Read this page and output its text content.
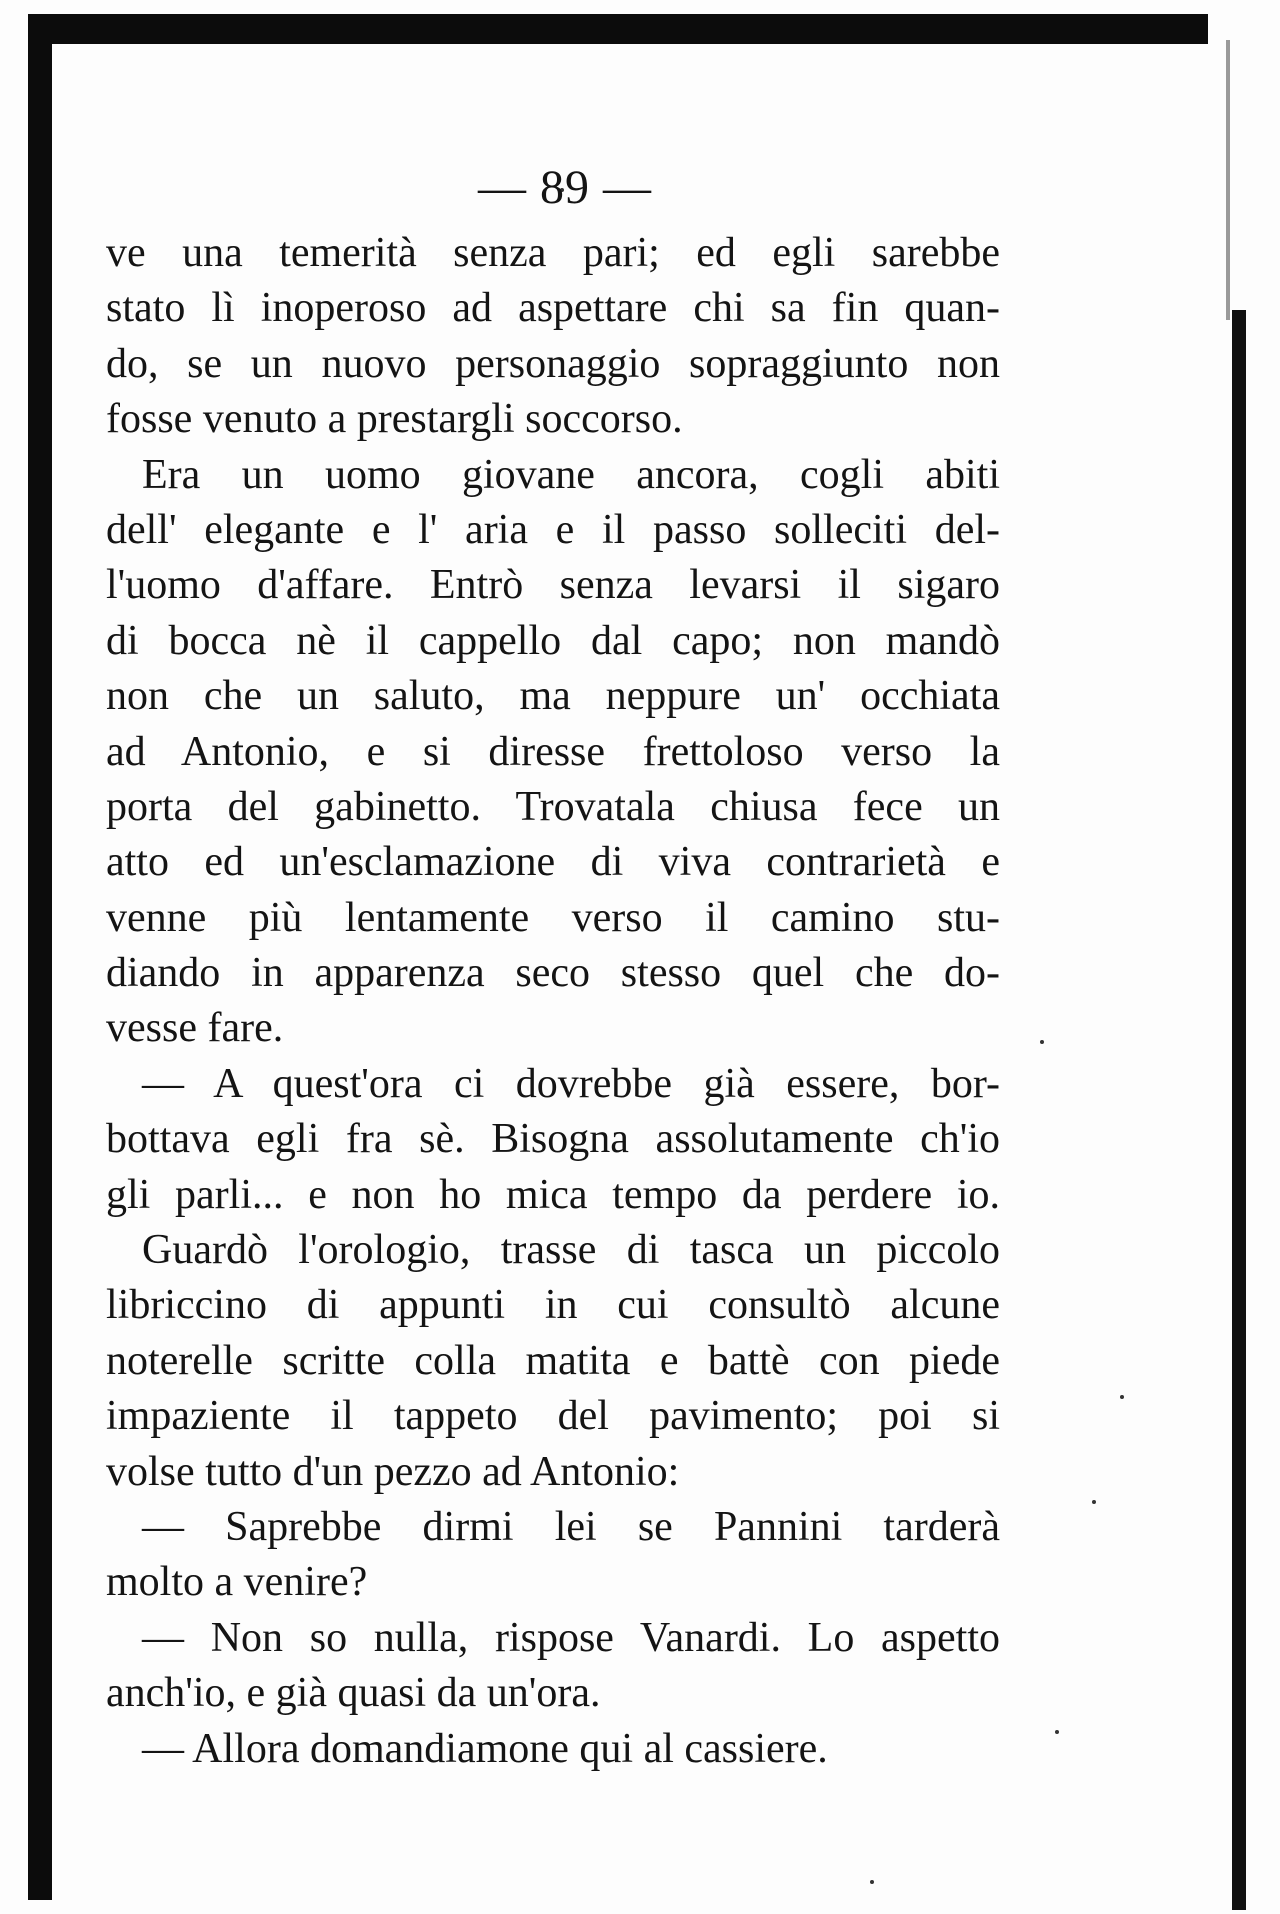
— 89 —
ve una temerità senza pari; ed egli sarebbe
stato lì inoperoso ad aspettare chi sa fin quan-
do, se un nuovo personaggio sopraggiunto non
fosse venuto a prestargli soccorso.
Era un uomo giovane ancora, cogli abiti
dell' elegante e l' aria e il passo solleciti del-
l'uomo d'affare. Entrò senza levarsi il sigaro
di bocca nè il cappello dal capo; non mandò
non che un saluto, ma neppure un' occhiata
ad Antonio, e si diresse frettoloso verso la
porta del gabinetto. Trovatala chiusa fece un
atto ed un'esclamazione di viva contrarietà e
venne più lentamente verso il camino stu-
diando in apparenza seco stesso quel che do-
vesse fare.
— A quest'ora ci dovrebbe già essere, bor-
bottava egli fra sè. Bisogna assolutamente ch'io
gli parli... e non ho mica tempo da perdere io.
Guardò l'orologio, trasse di tasca un piccolo
libriccino di appunti in cui consultò alcune
noterelle scritte colla matita e battè con piede
impaziente il tappeto del pavimento; poi si
volse tutto d'un pezzo ad Antonio:
— Saprebbe dirmi lei se Pannini tarderà
molto a venire?
— Non so nulla, rispose Vanardi. Lo aspetto
anch'io, e già quasi da un'ora.
— Allora domandiamone qui al cassiere.
